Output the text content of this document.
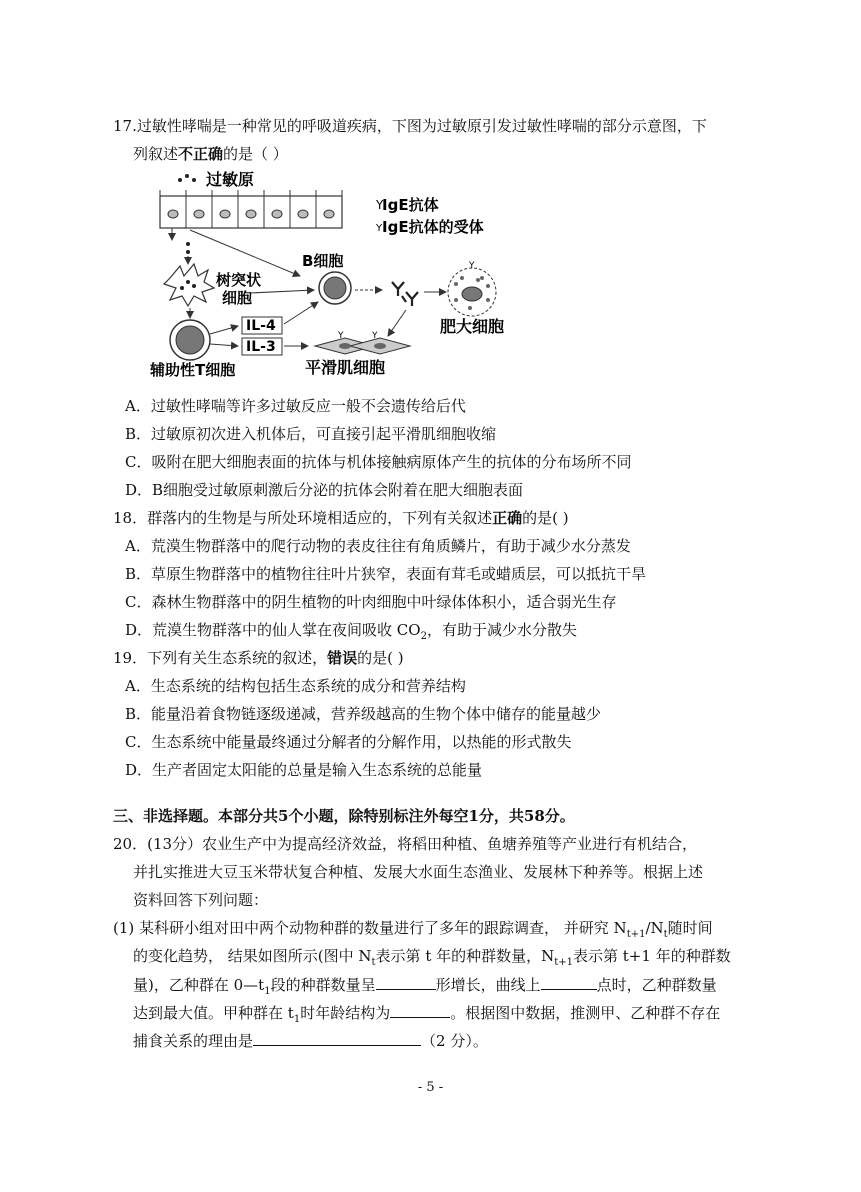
17.过敏性哮喘是一种常见的呼吸道疾病，下图为过敏原引发过敏性哮喘的部分示意图，下
列叙述不正确的是（ ）
过敏原
IgE抗体
Y
IgE抗体的受体
Y
树突状
细胞
B细胞
辅助性T细胞
IL-4
IL-3
Y
肥大细胞
Y	Y
平滑肌细胞
A．过敏性哮喘等许多过敏反应一般不会遗传给后代
B．过敏原初次进入机体后，可直接引起平滑肌细胞收缩
C．吸附在肥大细胞表面的抗体与机体接触病原体产生的抗体的分布场所不同
D．B细胞受过敏原刺激后分泌的抗体会附着在肥大细胞表面
18．群落内的生物是与所处环境相适应的，下列有关叙述正确的是( )
A．荒漠生物群落中的爬行动物的表皮往往有角质鳞片，有助于减少水分蒸发
B．草原生物群落中的植物往往叶片狭窄，表面有茸毛或蜡质层，可以抵抗干旱
C．森林生物群落中的阴生植物的叶肉细胞中叶绿体体积小，适合弱光生存
D．荒漠生物群落中的仙人掌在夜间吸收 $CO_2$，有助于减少水分散失
19．下列有关生态系统的叙述，错误的是( )
A．生态系统的结构包括生态系统的成分和营养结构
B．能量沿着食物链逐级递减，营养级越高的生物个体中储存的能量越少
C．生态系统中能量最终通过分解者的分解作用，以热能的形式散失
D．生产者固定太阳能的总量是输入生态系统的总能量
三、非选择题。本部分共5个小题，除特别标注外每空1分，共58分。
20．(13分）农业生产中为提高经济效益，将稻田种植、鱼塘养殖等产业进行有机结合，
并扎实推进大豆玉米带状复合种植、发展大水面生态渔业、发展林下种养等。根据上述
资料回答下列问题：
(1) 某科研小组对田中两个动物种群的数量进行了多年的跟踪调查， 并研究 $N_{t+1}/N_t$随时间
的变化趋势， 结果如图所示(图中 $N_t$表示第 t 年的种群数量，$N_{t+1}$表示第 t+1 年的种群数
量)，乙种群在 $0—t_1$段的种群数量呈	形增长，曲线上	点时，乙种群数量
达到最大值。甲种群在 $t_1$时年龄结构为	。根据图中数据，推测甲、乙种群不存在
捕食关系的理由是	（2 分）。
- 5 -
